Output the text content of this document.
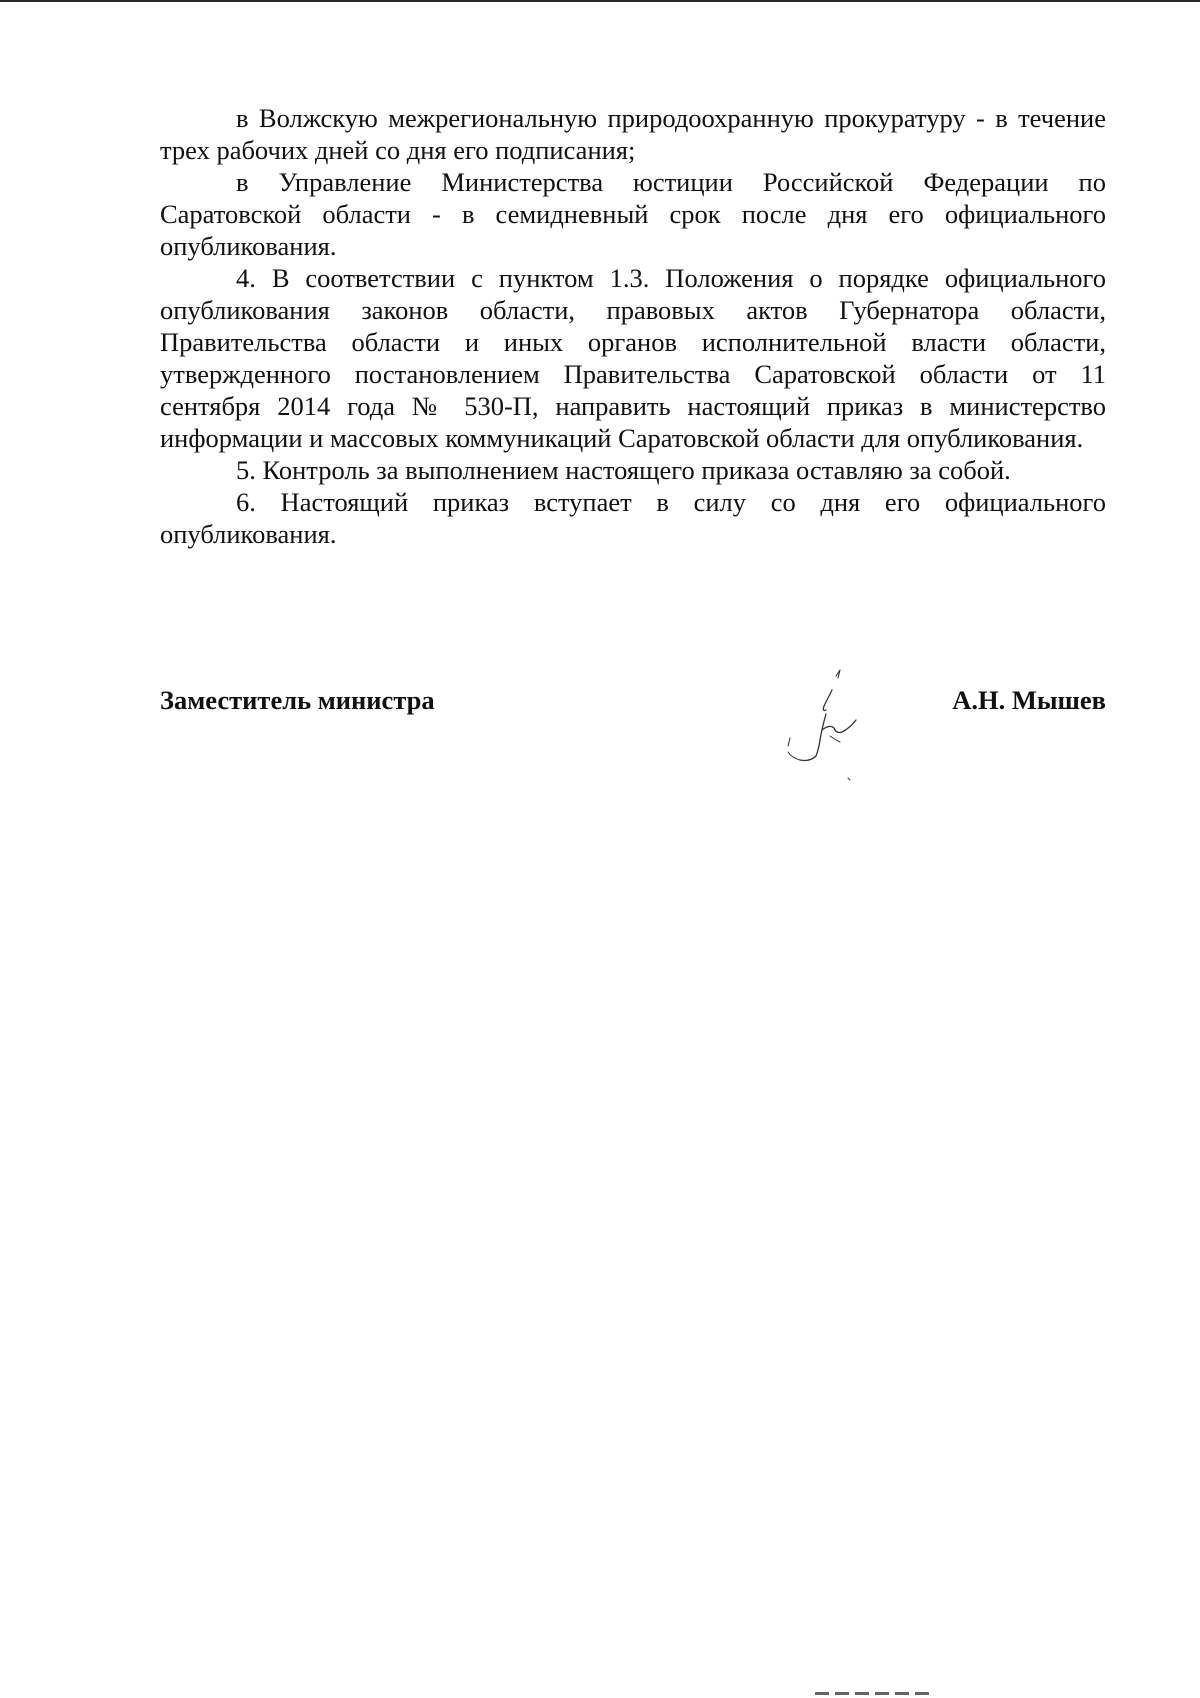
в Волжскую межрегиональную природоохранную прокуратуру - в течение трех рабочих дней со дня его подписания;

в Управление Министерства юстиции Российской Федерации по Саратовской области - в семидневный срок после дня его официального опубликования.

4. В соответствии с пунктом 1.3. Положения о порядке официального опубликования законов области, правовых актов Губернатора области, Правительства области и иных органов исполнительной власти области, утвержденного постановлением Правительства Саратовской области от 11 сентября 2014 года № 530-П, направить настоящий приказ в министерство информации и массовых коммуникаций Саратовской области для опубликования.

5. Контроль за выполнением настоящего приказа оставляю за собой.

6. Настоящий приказ вступает в силу со дня его официального опубликования.

Заместитель министра	А.Н. Мышев
